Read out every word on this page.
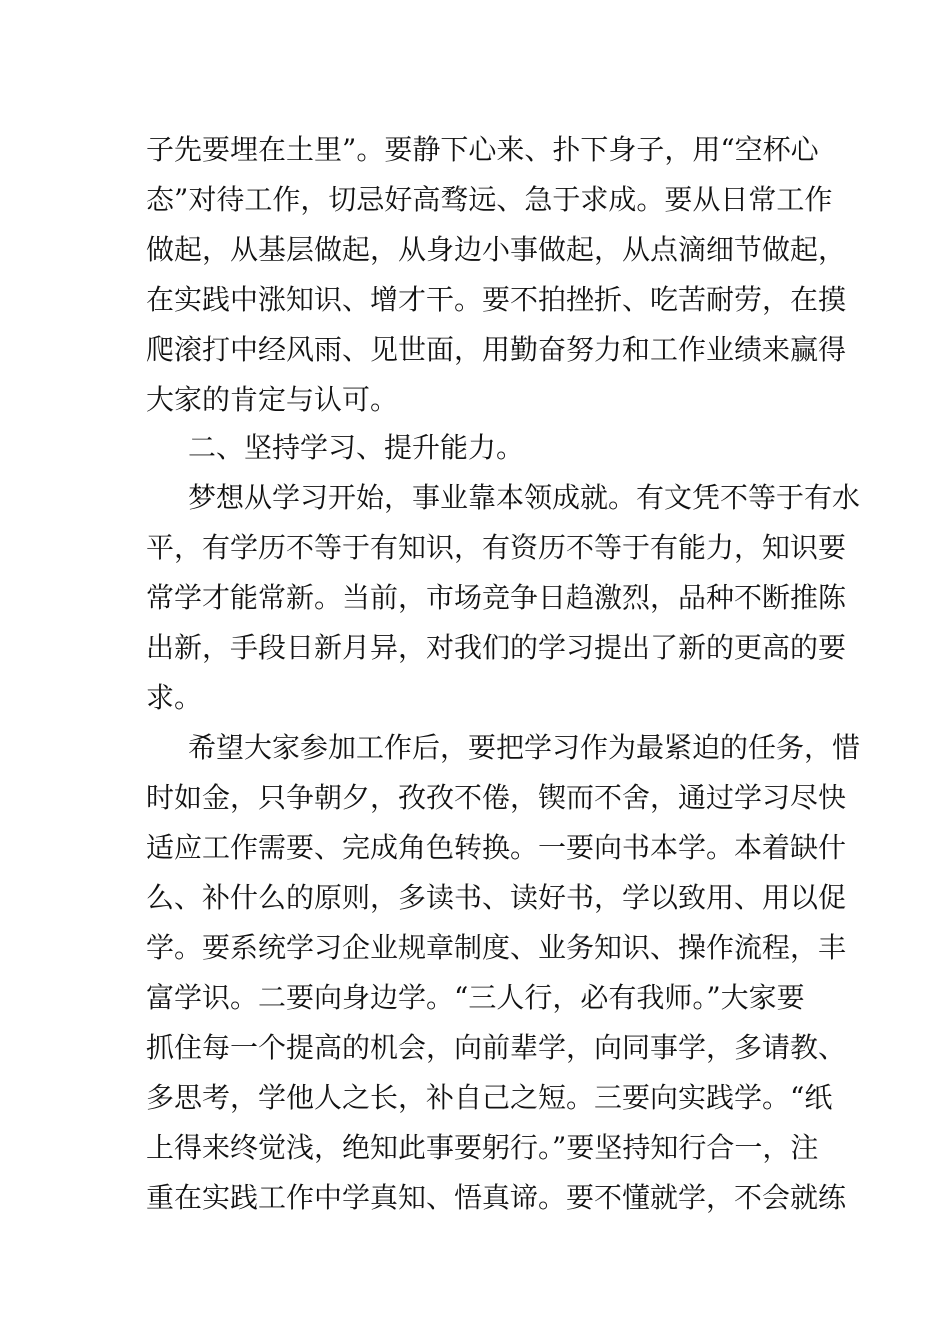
子先要埋在土里”。要静下心来、扑下身子，用“空杯心
态”对待工作，切忌好高骛远、急于求成。要从日常工作
做起，从基层做起，从身边小事做起，从点滴细节做起，
在实践中涨知识、增才干。要不拍挫折、吃苦耐劳，在摸
爬滚打中经风雨、见世面，用勤奋努力和工作业绩来赢得
大家的肯定与认可。
二、坚持学习、提升能力。
梦想从学习开始，事业靠本领成就。有文凭不等于有水
平，有学历不等于有知识，有资历不等于有能力，知识要
常学才能常新。当前，市场竞争日趋激烈，品种不断推陈
出新，手段日新月异，对我们的学习提出了新的更高的要
求。
希望大家参加工作后，要把学习作为最紧迫的任务，惜
时如金，只争朝夕，孜孜不倦，锲而不舍，通过学习尽快
适应工作需要、完成角色转换。一要向书本学。本着缺什
么、补什么的原则，多读书、读好书，学以致用、用以促
学。要系统学习企业规章制度、业务知识、操作流程，丰
富学识。二要向身边学。“三人行，必有我师。”大家要
抓住每一个提高的机会，向前辈学，向同事学，多请教、
多思考，学他人之长，补自己之短。三要向实践学。“纸
上得来终觉浅，绝知此事要躬行。”要坚持知行合一，注
重在实践工作中学真知、悟真谛。要不懂就学，不会就练
